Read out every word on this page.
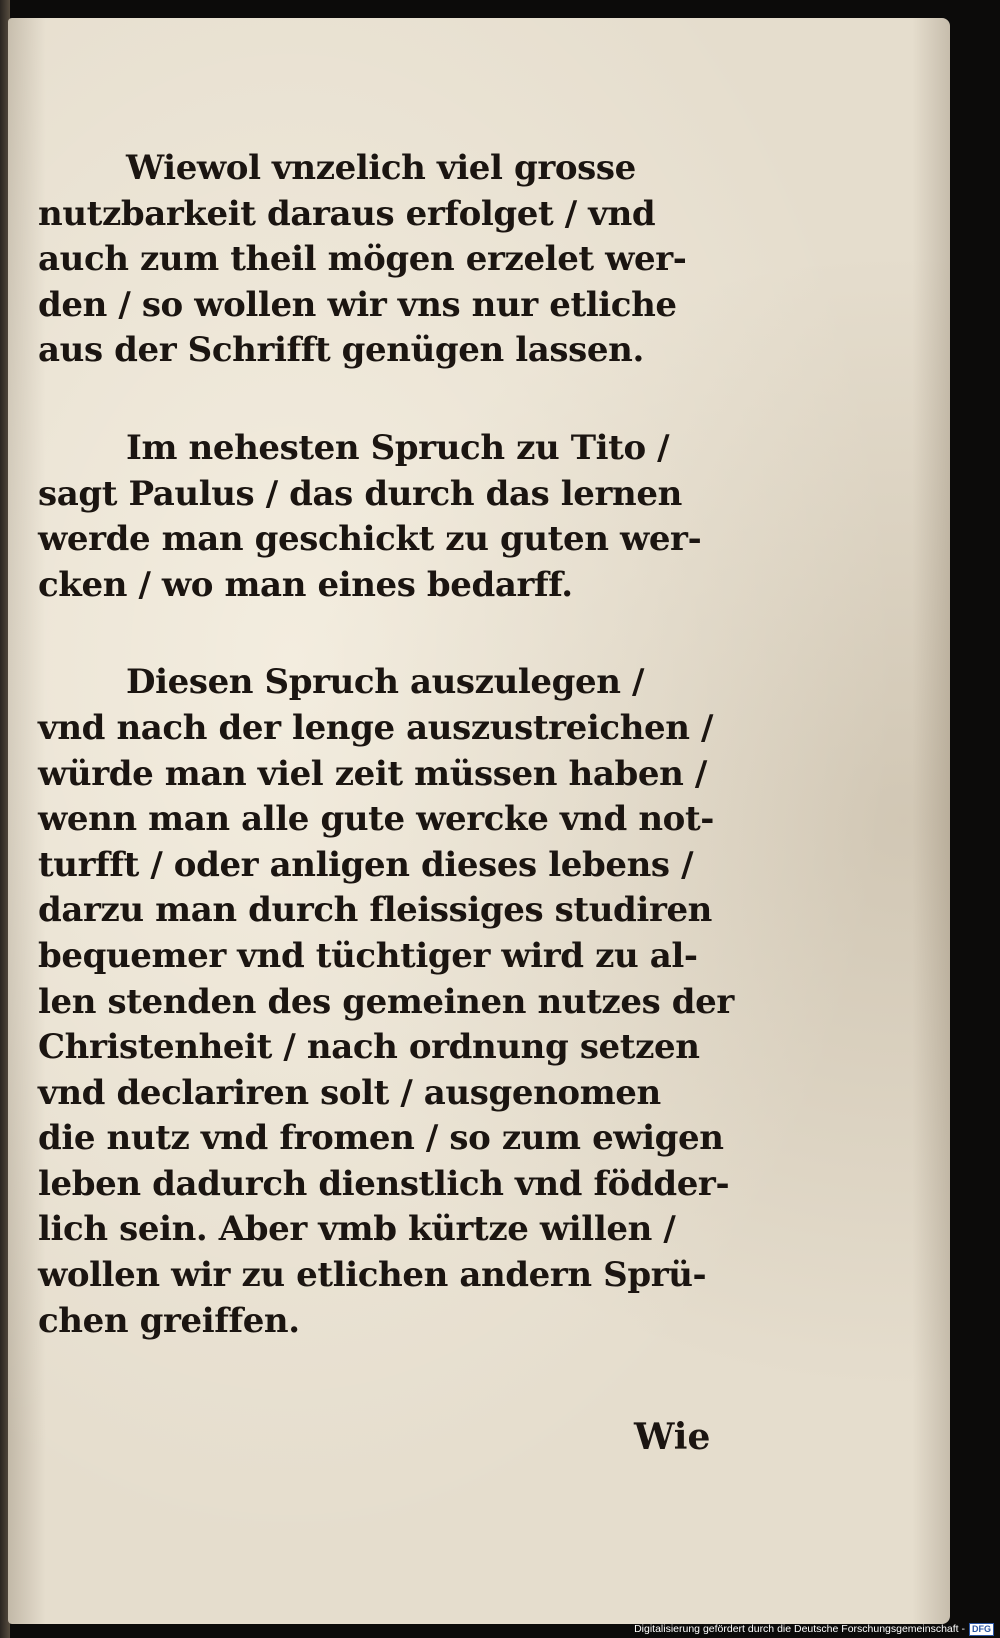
Wiewol vnzelich viel grosse
nutzbarkeit daraus erfolget / vnd
auch zum theil mögen erzelet wer-
den / so wollen wir vns nur etliche
aus der Schrifft genügen lassen.
Im nehesten Spruch zu Tito /
sagt Paulus / das durch das lernen
werde man geschickt zu guten wer-
cken / wo man eines bedarff.
Diesen Spruch auszulegen /
vnd nach der lenge auszustreichen /
würde man viel zeit müssen haben /
wenn man alle gute wercke vnd not-
turfft / oder anligen dieses lebens /
darzu man durch fleissiges studiren
bequemer vnd tüchtiger wird zu al-
len stenden des gemeinen nutzes der
Christenheit / nach ordnung setzen
vnd declariren solt / ausgenomen
die nutz vnd fromen / so zum ewigen
leben dadurch dienstlich vnd födder-
lich sein. Aber vmb kürtze willen /
wollen wir zu etlichen andern Sprü-
chen greiffen.
Wie
Digitalisierung gefördert durch die Deutsche Forschungsgemeinschaft - DFG
